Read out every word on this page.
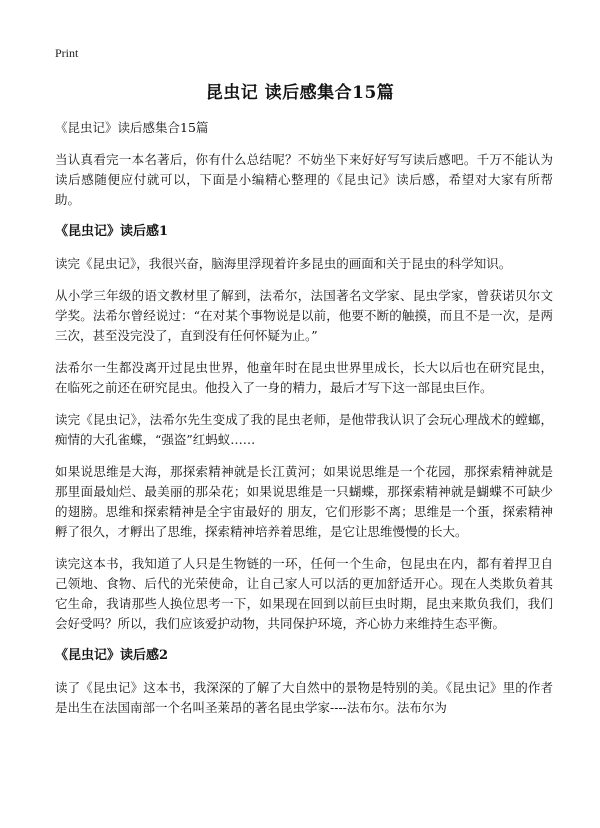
Print
昆虫记 读后感集合15篇

《昆虫记》读后感集合15篇

当认真看完一本名著后，你有什么总结呢？不妨坐下来好好写写读后感吧。千万不能认为读后感随便应付就可以，下面是小编精心整理的《昆虫记》读后感，希望对大家有所帮助。

《昆虫记》读后感1

读完《昆虫记》，我很兴奋，脑海里浮现着许多昆虫的画面和关于昆虫的科学知识。

从小学三年级的语文教材里了解到，法希尔，法国著名文学家、昆虫学家，曾获诺贝尔文学奖。法希尔曾经说过：“在对某个事物说是以前，他要不断的触摸，而且不是一次，是两三次，甚至没完没了，直到没有任何怀疑为止。”

法希尔一生都没离开过昆虫世界，他童年时在昆虫世界里成长，长大以后也在研究昆虫，在临死之前还在研究昆虫。他投入了一身的精力，最后才写下这一部昆虫巨作。

读完《昆虫记》，法希尔先生变成了我的昆虫老师，是他带我认识了会玩心理战术的螳螂，痴情的大孔雀蝶，“强盗”红蚂蚁……

如果说思维是大海，那探索精神就是长江黄河；如果说思维是一个花园，那探索精神就是那里面最灿烂、最美丽的那朵花；如果说思维是一只蝴蝶，那探索精神就是蝴蝶不可缺少的翅膀。思维和探索精神是全宇宙最好的 朋友，它们形影不离；思维是一个蛋，探索精神孵了很久，才孵出了思维，探索精神培养着思维，是它让思维慢慢的长大。

读完这本书，我知道了人只是生物链的一环，任何一个生命，包昆虫在内，都有着捍卫自己领地、食物、后代的光荣使命，让自己家人可以活的更加舒适开心。现在人类欺负着其它生命，我请那些人换位思考一下，如果现在回到以前巨虫时期，昆虫来欺负我们，我们会好受吗？所以，我们应该爱护动物，共同保护环境，齐心协力来维持生态平衡。

《昆虫记》读后感2

读了《昆虫记》这本书，我深深的了解了大自然中的景物是特别的美。《昆虫记》里的作者是出生在法国南部一个名叫圣莱昂的著名昆虫学家----法布尔。法布尔为
